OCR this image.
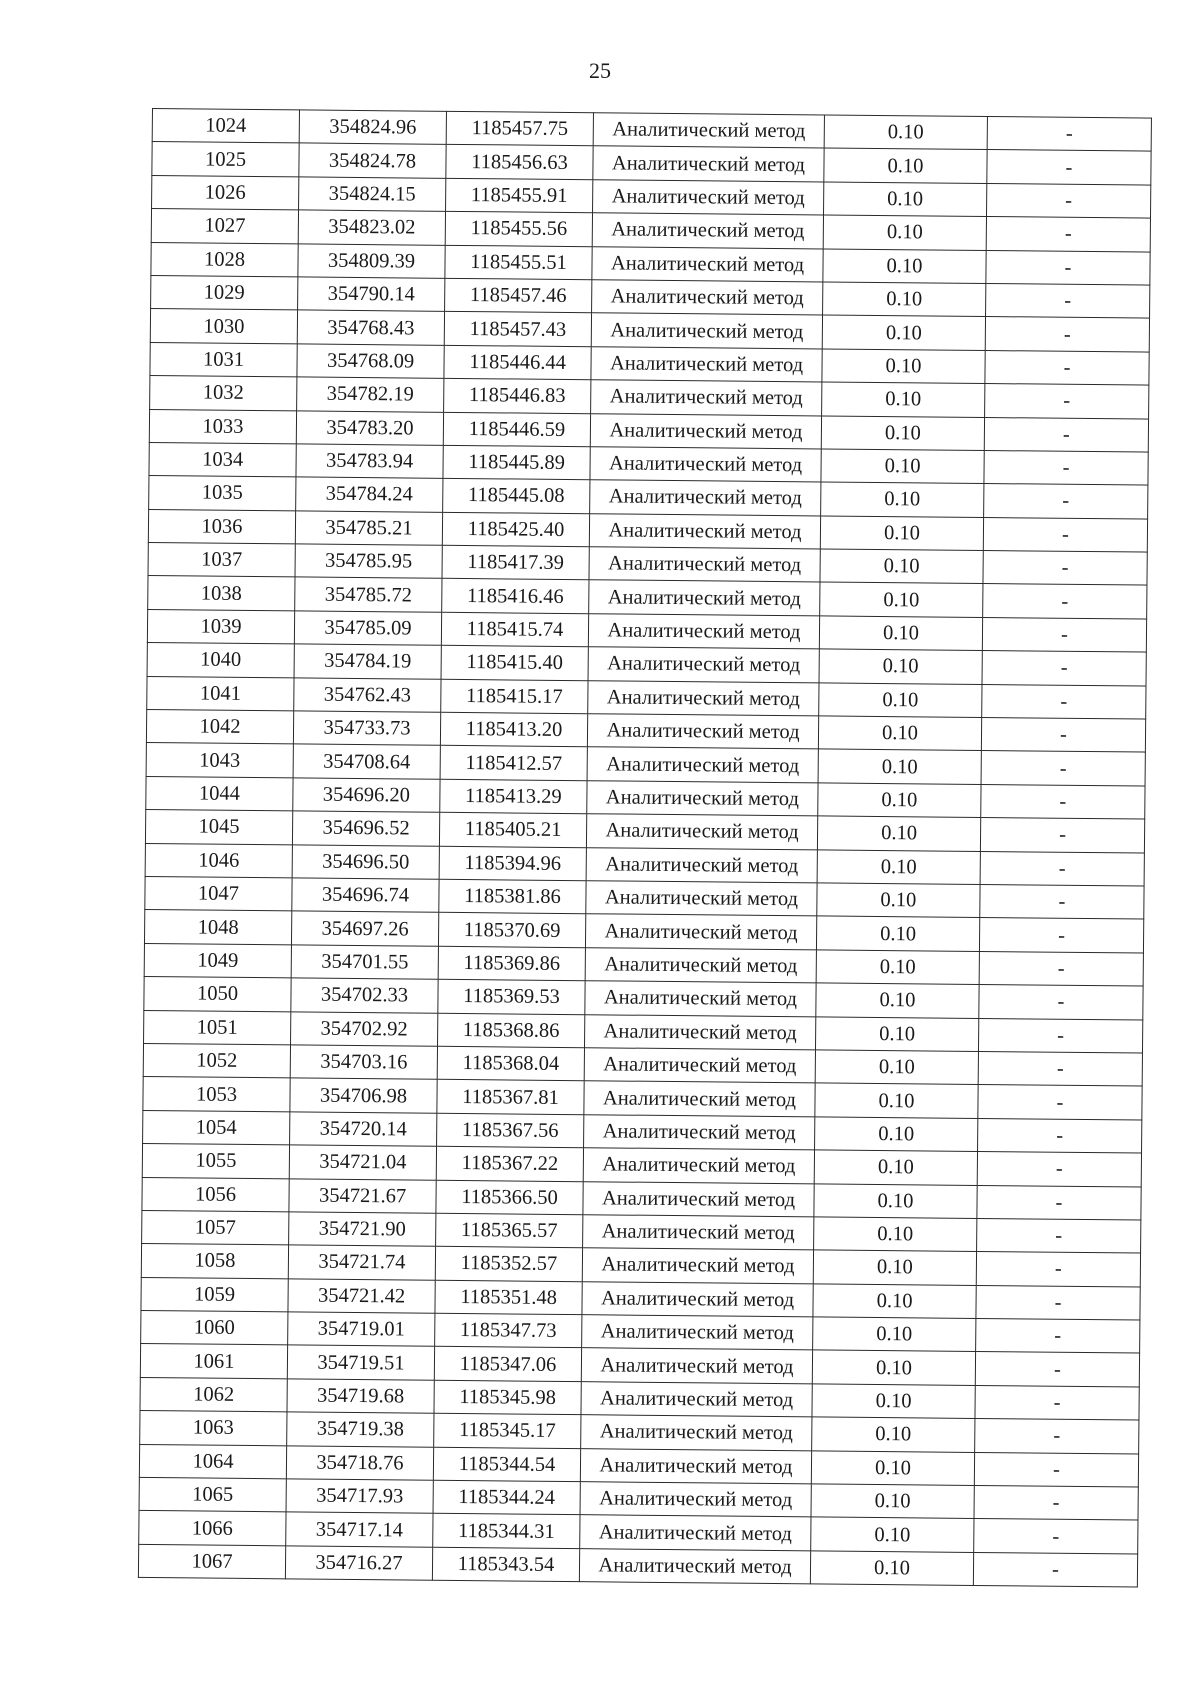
25
1024	354824.96	1185457.75	Аналитический метод	0.10	-
1025	354824.78	1185456.63	Аналитический метод	0.10	-
1026	354824.15	1185455.91	Аналитический метод	0.10	-
1027	354823.02	1185455.56	Аналитический метод	0.10	-
1028	354809.39	1185455.51	Аналитический метод	0.10	-
1029	354790.14	1185457.46	Аналитический метод	0.10	-
1030	354768.43	1185457.43	Аналитический метод	0.10	-
1031	354768.09	1185446.44	Аналитический метод	0.10	-
1032	354782.19	1185446.83	Аналитический метод	0.10	-
1033	354783.20	1185446.59	Аналитический метод	0.10	-
1034	354783.94	1185445.89	Аналитический метод	0.10	-
1035	354784.24	1185445.08	Аналитический метод	0.10	-
1036	354785.21	1185425.40	Аналитический метод	0.10	-
1037	354785.95	1185417.39	Аналитический метод	0.10	-
1038	354785.72	1185416.46	Аналитический метод	0.10	-
1039	354785.09	1185415.74	Аналитический метод	0.10	-
1040	354784.19	1185415.40	Аналитический метод	0.10	-
1041	354762.43	1185415.17	Аналитический метод	0.10	-
1042	354733.73	1185413.20	Аналитический метод	0.10	-
1043	354708.64	1185412.57	Аналитический метод	0.10	-
1044	354696.20	1185413.29	Аналитический метод	0.10	-
1045	354696.52	1185405.21	Аналитический метод	0.10	-
1046	354696.50	1185394.96	Аналитический метод	0.10	-
1047	354696.74	1185381.86	Аналитический метод	0.10	-
1048	354697.26	1185370.69	Аналитический метод	0.10	-
1049	354701.55	1185369.86	Аналитический метод	0.10	-
1050	354702.33	1185369.53	Аналитический метод	0.10	-
1051	354702.92	1185368.86	Аналитический метод	0.10	-
1052	354703.16	1185368.04	Аналитический метод	0.10	-
1053	354706.98	1185367.81	Аналитический метод	0.10	-
1054	354720.14	1185367.56	Аналитический метод	0.10	-
1055	354721.04	1185367.22	Аналитический метод	0.10	-
1056	354721.67	1185366.50	Аналитический метод	0.10	-
1057	354721.90	1185365.57	Аналитический метод	0.10	-
1058	354721.74	1185352.57	Аналитический метод	0.10	-
1059	354721.42	1185351.48	Аналитический метод	0.10	-
1060	354719.01	1185347.73	Аналитический метод	0.10	-
1061	354719.51	1185347.06	Аналитический метод	0.10	-
1062	354719.68	1185345.98	Аналитический метод	0.10	-
1063	354719.38	1185345.17	Аналитический метод	0.10	-
1064	354718.76	1185344.54	Аналитический метод	0.10	-
1065	354717.93	1185344.24	Аналитический метод	0.10	-
1066	354717.14	1185344.31	Аналитический метод	0.10	-
1067	354716.27	1185343.54	Аналитический метод	0.10	-
